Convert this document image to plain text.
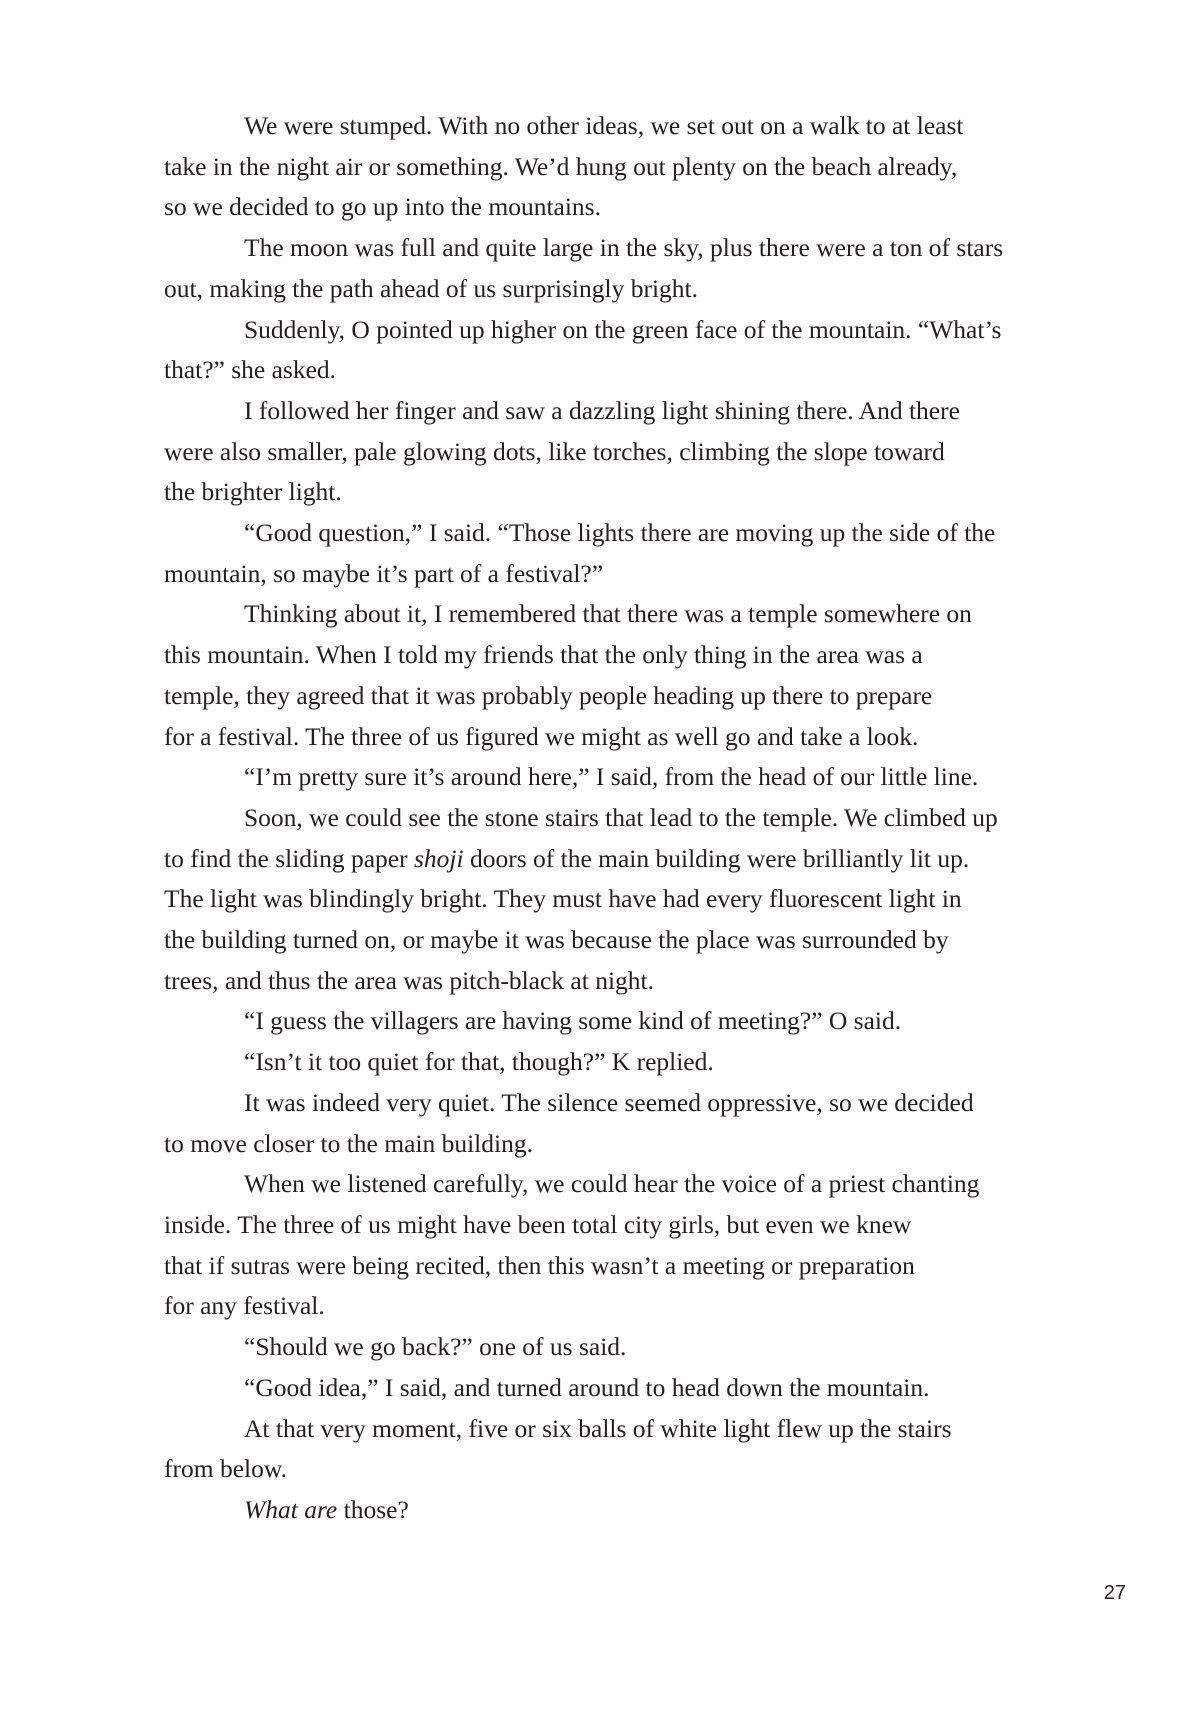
We were stumped. With no other ideas, we set out on a walk to at least
take in the night air or something. We’d hung out plenty on the beach already,
so we decided to go up into the mountains.

The moon was full and quite large in the sky, plus there were a ton of stars
out, making the path ahead of us surprisingly bright.

Suddenly, O pointed up higher on the green face of the mountain. “What’s
that?” she asked.

I followed her finger and saw a dazzling light shining there. And there
were also smaller, pale glowing dots, like torches, climbing the slope toward
the brighter light.

“Good question,” I said. “Those lights there are moving up the side of the
mountain, so maybe it’s part of a festival?”

Thinking about it, I remembered that there was a temple somewhere on
this mountain. When I told my friends that the only thing in the area was a
temple, they agreed that it was probably people heading up there to prepare
for a festival. The three of us figured we might as well go and take a look.

“I’m pretty sure it’s around here,” I said, from the head of our little line.

Soon, we could see the stone stairs that lead to the temple. We climbed up
to find the sliding paper shoji doors of the main building were brilliantly lit up.
The light was blindingly bright. They must have had every fluorescent light in
the building turned on, or maybe it was because the place was surrounded by
trees, and thus the area was pitch-black at night.

“I guess the villagers are having some kind of meeting?” O said.

“Isn’t it too quiet for that, though?” K replied.

It was indeed very quiet. The silence seemed oppressive, so we decided
to move closer to the main building.

When we listened carefully, we could hear the voice of a priest chanting
inside. The three of us might have been total city girls, but even we knew
that if sutras were being recited, then this wasn’t a meeting or preparation
for any festival.

“Should we go back?” one of us said.

“Good idea,” I said, and turned around to head down the mountain.

At that very moment, five or six balls of white light flew up the stairs
from below.

What are those?

27
